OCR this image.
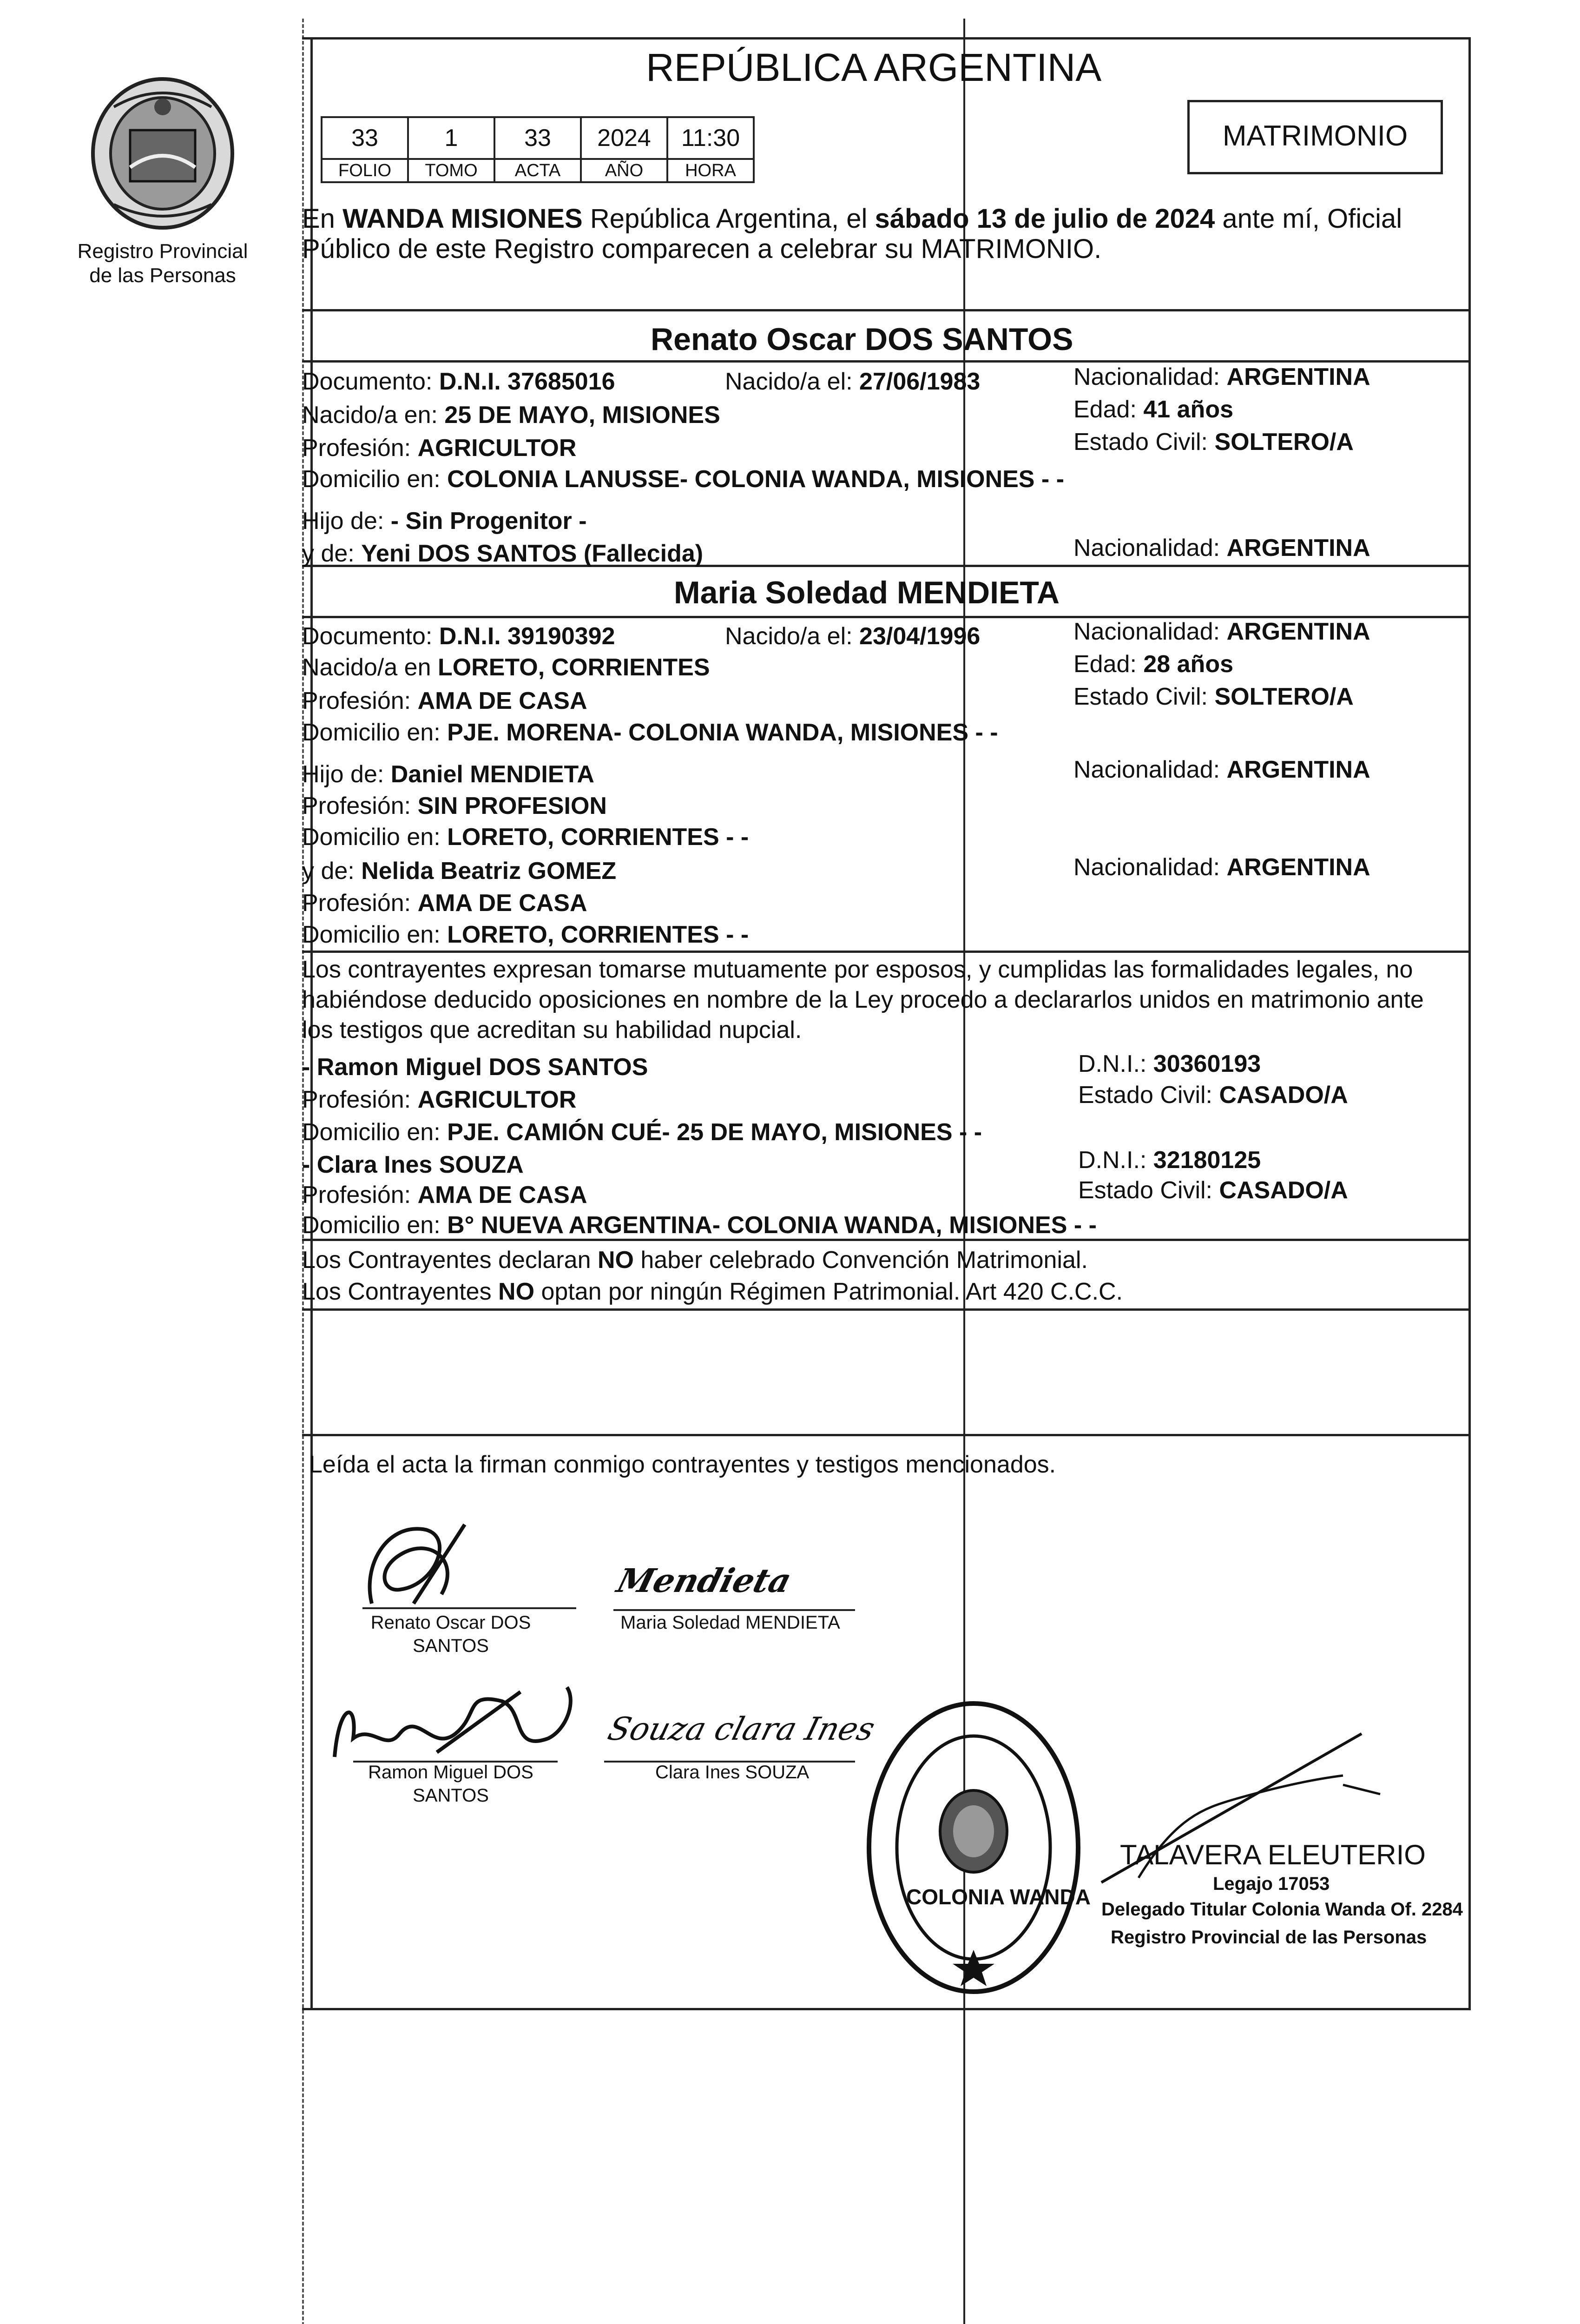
Registro Provincial
de las Personas
REPÚBLICA ARGENTINA
33	1	33	2024	11:30
FOLIO	TOMO	ACTA	AÑO	HORA
MATRIMONIO
En WANDA MISIONES República Argentina, el sábado 13 de julio de 2024 ante mí, Oficial
Público de este Registro comparecen a celebrar su MATRIMONIO.
Renato Oscar DOS SANTOS
Documento: D.N.I. 37685016	Nacido/a el: 27/06/1983	Nacionalidad: ARGENTINA
Nacido/a en: 25 DE MAYO, MISIONES	Edad: 41 años
Profesión: AGRICULTOR	Estado Civil: SOLTERO/A
Domicilio en: COLONIA LANUSSE- COLONIA WANDA, MISIONES - -
Hijo de: - Sin Progenitor -
y de: Yeni DOS SANTOS (Fallecida)	Nacionalidad: ARGENTINA
Maria Soledad MENDIETA
Documento: D.N.I. 39190392	Nacido/a el: 23/04/1996	Nacionalidad: ARGENTINA
Nacido/a en LORETO, CORRIENTES	Edad: 28 años
Profesión: AMA DE CASA	Estado Civil: SOLTERO/A
Domicilio en: PJE. MORENA- COLONIA WANDA, MISIONES - -
Hijo de: Daniel MENDIETA	Nacionalidad: ARGENTINA
Profesión: SIN PROFESION
Domicilio en: LORETO, CORRIENTES - -
y de: Nelida Beatriz GOMEZ	Nacionalidad: ARGENTINA
Profesión: AMA DE CASA
Domicilio en: LORETO, CORRIENTES - -
Los contrayentes expresan tomarse mutuamente por esposos, y cumplidas las formalidades legales, no
habiéndose deducido oposiciones en nombre de la Ley procedo a declararlos unidos en matrimonio ante
los testigos que acreditan su habilidad nupcial.
- Ramon Miguel DOS SANTOS	D.N.I.: 30360193
Profesión: AGRICULTOR	Estado Civil: CASADO/A
Domicilio en: PJE. CAMIÓN CUÉ- 25 DE MAYO, MISIONES - -
- Clara Ines SOUZA	D.N.I.: 32180125
Profesión: AMA DE CASA	Estado Civil: CASADO/A
Domicilio en: B° NUEVA ARGENTINA- COLONIA WANDA, MISIONES - -
Los Contrayentes declaran NO haber celebrado Convención Matrimonial.
Los Contrayentes NO optan por ningún Régimen Patrimonial. Art 420 C.C.C.
Leída el acta la firman conmigo contrayentes y testigos mencionados.
Renato Oscar DOS
SANTOS
Mendieta
Maria Soledad MENDIETA
Ramon Miguel DOS
SANTOS
Souza clara Ines
Clara Ines SOUZA
COLONIA WANDA
TALAVERA ELEUTERIO
Legajo 17053
Delegado Titular Colonia Wanda Of. 2284
Registro Provincial de las Personas
